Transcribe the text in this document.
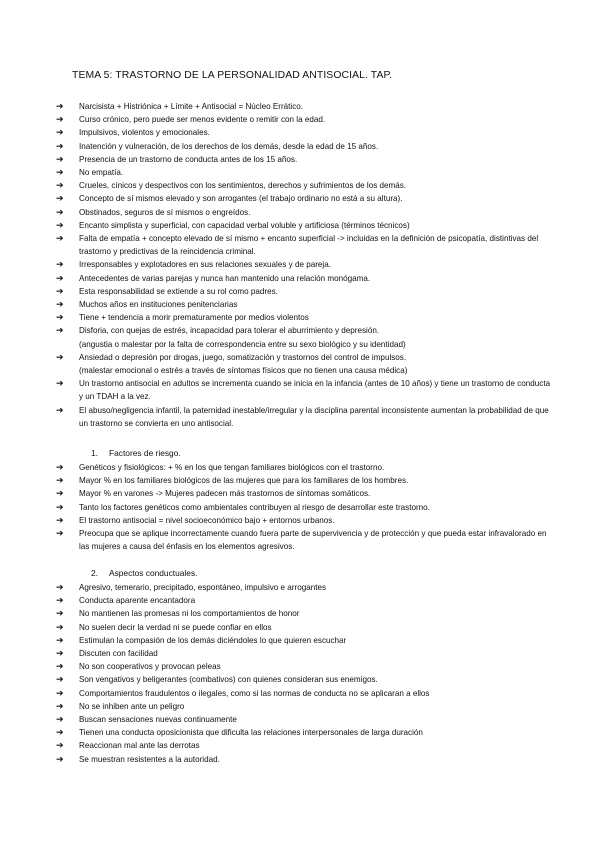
TEMA 5: TRASTORNO DE LA PERSONALIDAD ANTISOCIAL. TAP.
➔	Narcisista + Histriónica + Límite + Antisocial = Núcleo Errático.
➔	Curso crónico, pero puede ser menos evidente o remitir con la edad.
➔	Impulsivos, violentos y emocionales.
➔	Inatención y vulneración, de los derechos de los demás, desde la edad de 15 años.
➔	Presencia de un trastorno de conducta antes de los 15 años.
➔	No empatía.
➔	Crueles, cínicos y despectivos con los sentimientos, derechos y sufrimientos de los demás.
➔	Concepto de sí mismos elevado y son arrogantes (el trabajo ordinario no está a su altura).
➔	Obstinados, seguros de sí mismos o engreídos.
➔	Encanto simplista y superficial, con capacidad verbal voluble y artificiosa (términos técnicos)
➔	Falta de empatía + concepto elevado de sí mismo + encanto superficial -> incluidas en la definición de psicopatía, distintivas del trastorno y predictivas de la reincidencia criminal.
➔	Irresponsables y explotadores en sus relaciones sexuales y de pareja.
➔	Antecedentes de varias parejas y nunca han mantenido una relación monógama.
➔	Esta responsabilidad se extiende a su rol como padres.
➔	Muchos años en instituciones penitenciarias
➔	Tiene + tendencia a morir prematuramente por medios violentos
➔	Disforia, con quejas de estrés, incapacidad para tolerar el aburrimiento y depresión.
(angustia o malestar por la falta de correspondencia entre su sexo biológico y su identidad)
➔	Ansiedad o depresión por drogas, juego, somatización y trastornos del control de impulsos.
(malestar emocional o estrés a través de síntomas físicos que no tienen una causa médica)
➔	Un trastorno antisocial en adultos se incrementa cuando se inicia en la infancia (antes de 10 años) y tiene un trastorno de conducta y un TDAH a la vez.
➔	El abuso/negligencia infantil, la paternidad inestable/irregular y la disciplina parental inconsistente aumentan la probabilidad de que un trastorno se convierta en uno antisocial.
1. Factores de riesgo.
➔	Genéticos y fisiológicos: + % en los que tengan familiares biológicos con el trastorno.
➔	Mayor % en los familiares biológicos de las mujeres que para los familiares de los hombres.
➔	Mayor % en varones -> Mujeres padecen más trastornos de síntomas somáticos.
➔	Tanto los factores genéticos como ambientales contribuyen al riesgo de desarrollar este trastorno.
➔	El trastorno antisocial = nivel socioeconómico bajo + entornos urbanos.
➔	Preocupa que se aplique incorrectamente cuando fuera parte de supervivencia y de protección y que pueda estar infravalorado en las mujeres a causa del énfasis en los elementos agresivos.
2. Aspectos conductuales.
➔	Agresivo, temerario, precipitado, espontáneo, impulsivo e arrogantes
➔	Conducta aparente encantadora
➔	No mantienen las promesas ni los comportamientos de honor
➔	No suelen decir la verdad ni se puede confiar en ellos
➔	Estimulan la compasión de los demás diciéndoles lo que quieren escuchar
➔	Discuten con facilidad
➔	No son cooperativos y provocan peleas
➔	Son vengativos y beligerantes (combativos) con quienes consideran sus enemigos.
➔	Comportamientos fraudulentos o ilegales, como si las normas de conducta no se aplicaran a ellos
➔	No se inhiben ante un peligro
➔	Buscan sensaciones nuevas continuamente
➔	Tienen una conducta oposicionista que dificulta las relaciones interpersonales de larga duración
➔	Reaccionan mal ante las derrotas
➔	Se muestran resistentes a la autoridad.
